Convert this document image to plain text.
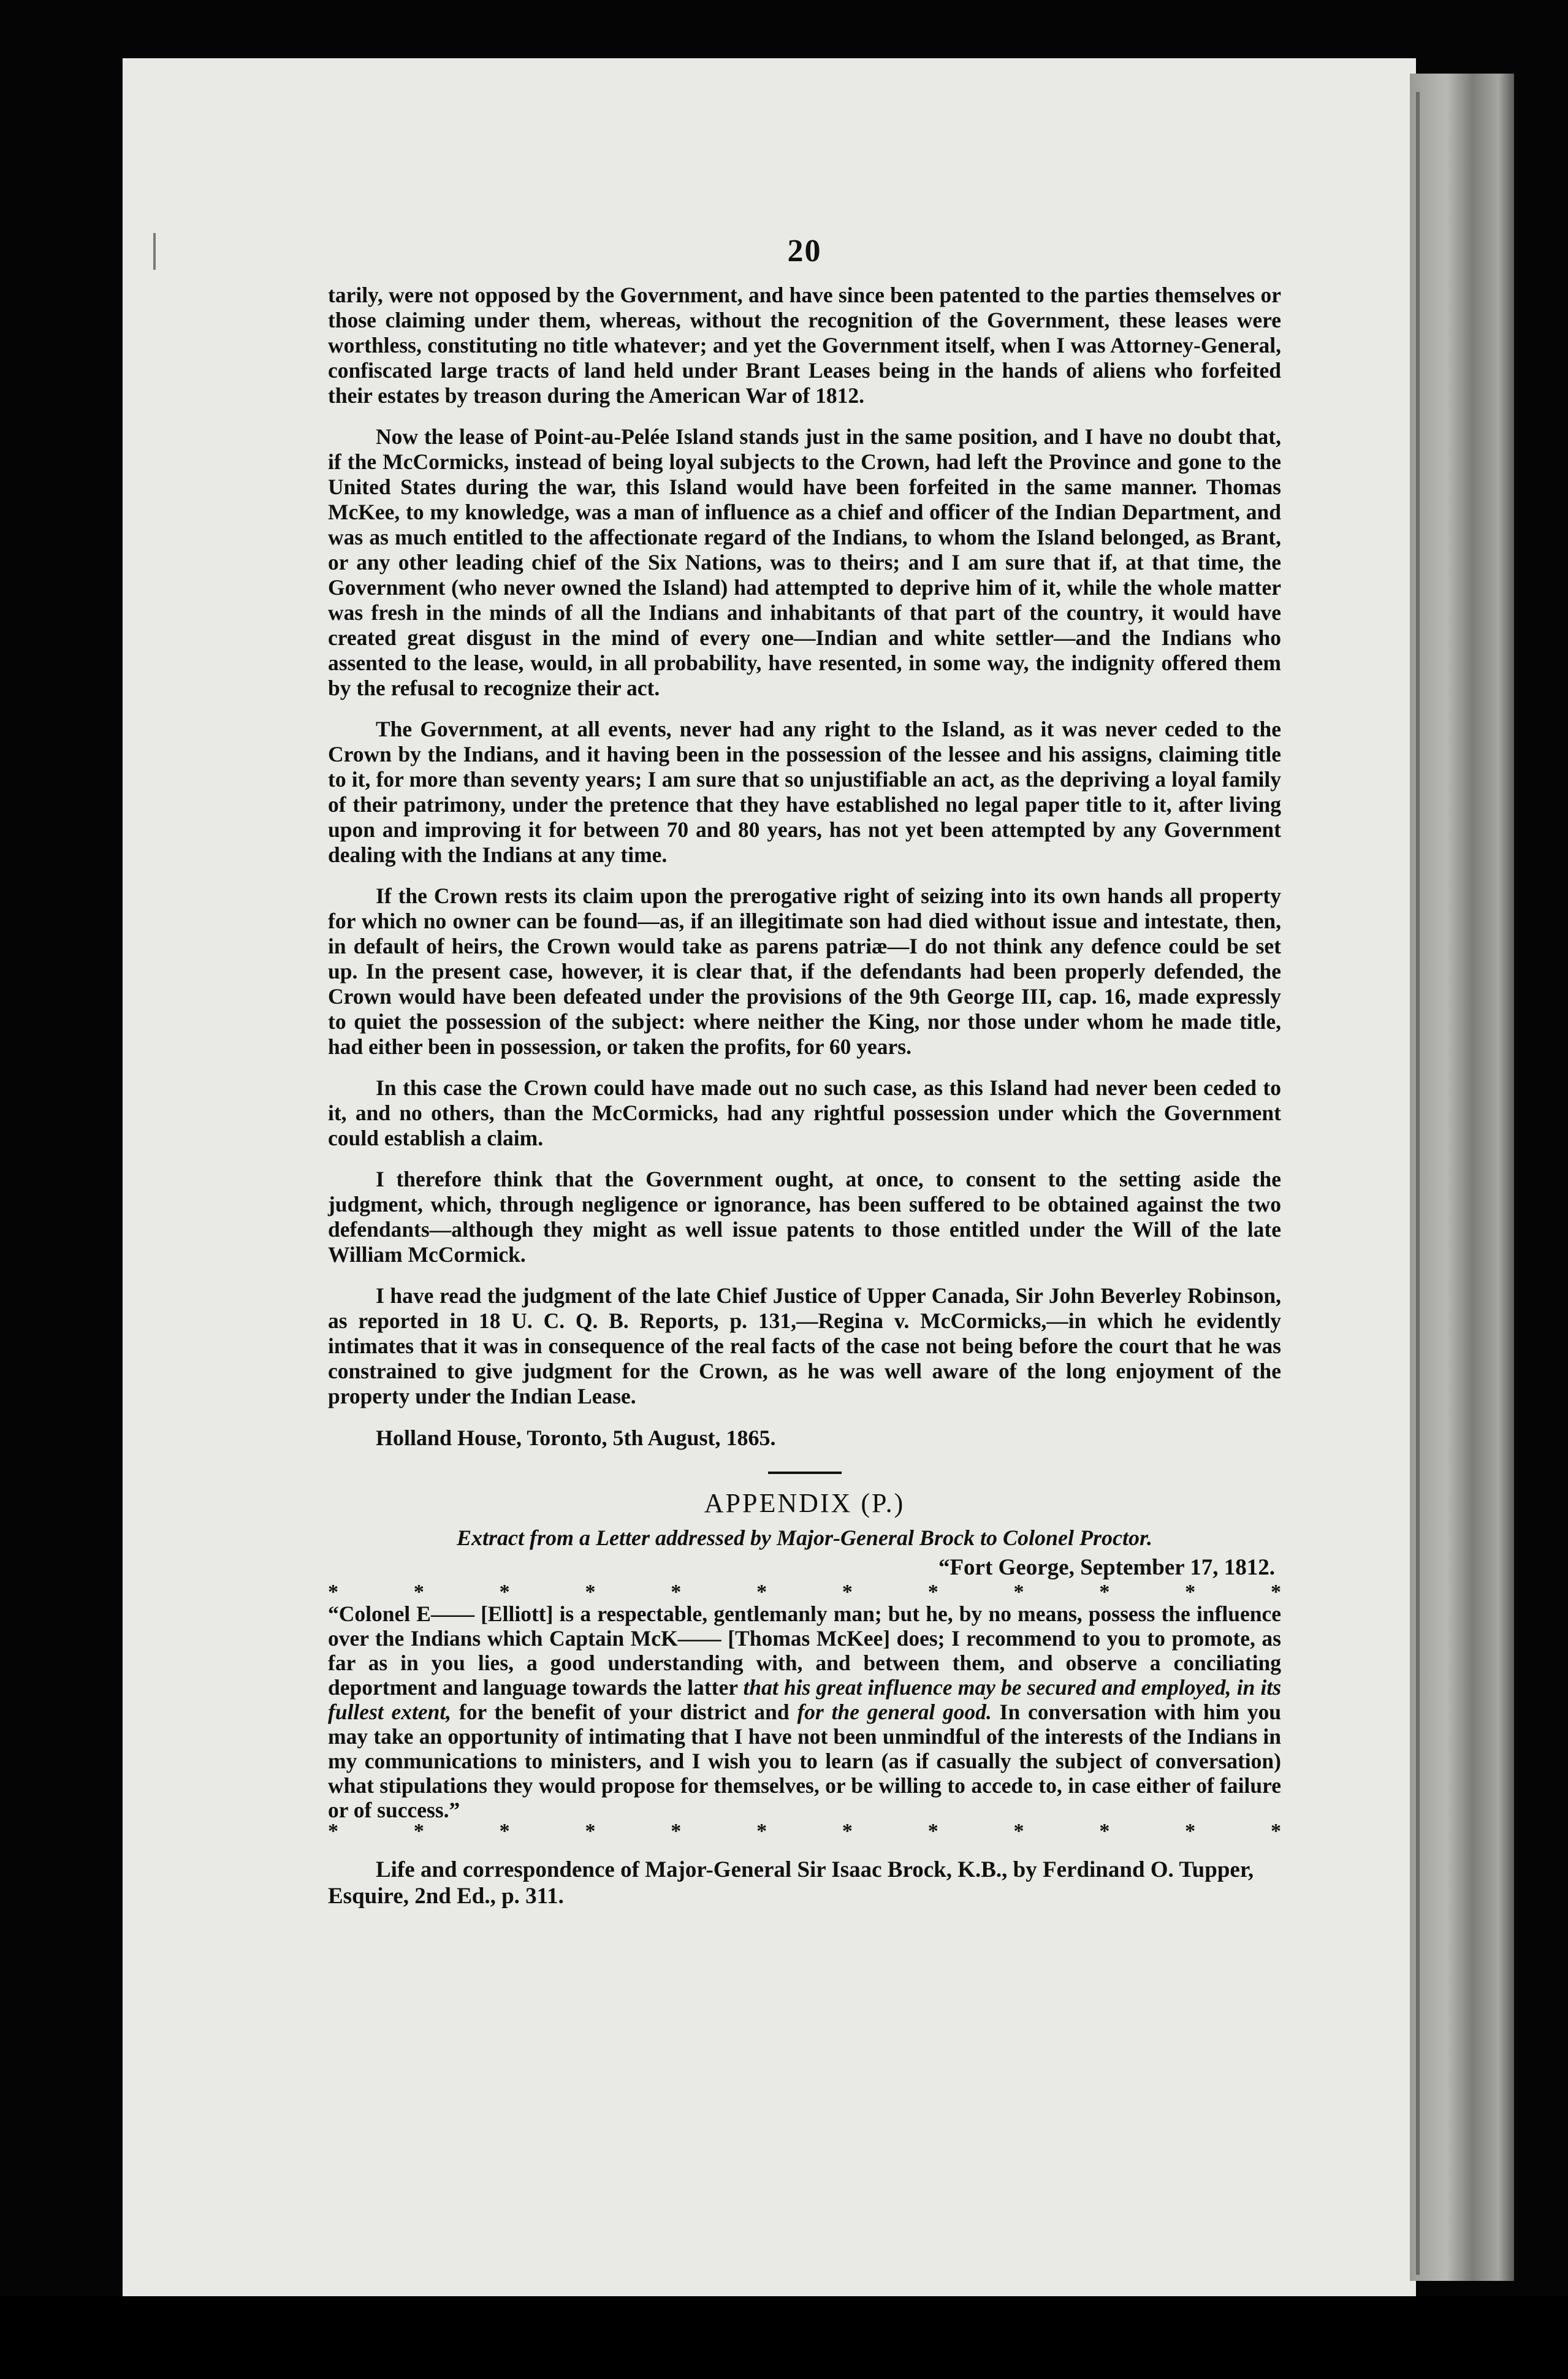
20

tarily, were not opposed by the Government, and have since been patented to the parties themselves or those claiming under them, whereas, without the recognition of the Government, these leases were worthless, constituting no title whatever; and yet the Government itself, when I was Attorney-General, confiscated large tracts of land held under Brant Leases being in the hands of aliens who forfeited their estates by treason during the American War of 1812.

Now the lease of Point-au-Pelée Island stands just in the same position, and I have no doubt that, if the McCormicks, instead of being loyal subjects to the Crown, had left the Province and gone to the United States during the war, this Island would have been forfeited in the same manner. Thomas McKee, to my knowledge, was a man of influence as a chief and officer of the Indian Department, and was as much entitled to the affectionate regard of the Indians, to whom the Island belonged, as Brant, or any other leading chief of the Six Nations, was to theirs; and I am sure that if, at that time, the Government (who never owned the Island) had attempted to deprive him of it, while the whole matter was fresh in the minds of all the Indians and inhabitants of that part of the country, it would have created great disgust in the mind of every one—Indian and white settler—and the Indians who assented to the lease, would, in all probability, have resented, in some way, the indignity offered them by the refusal to recognize their act.

The Government, at all events, never had any right to the Island, as it was never ceded to the Crown by the Indians, and it having been in the possession of the lessee and his assigns, claiming title to it, for more than seventy years; I am sure that so unjustifiable an act, as the depriving a loyal family of their patrimony, under the pretence that they have established no legal paper title to it, after living upon and improving it for between 70 and 80 years, has not yet been attempted by any Government dealing with the Indians at any time.

If the Crown rests its claim upon the prerogative right of seizing into its own hands all property for which no owner can be found—as, if an illegitimate son had died without issue and intestate, then, in default of heirs, the Crown would take as parens patriæ—I do not think any defence could be set up. In the present case, however, it is clear that, if the defendants had been properly defended, the Crown would have been defeated under the provisions of the 9th George III, cap. 16, made expressly to quiet the possession of the subject: where neither the King, nor those under whom he made title, had either been in possession, or taken the profits, for 60 years.

In this case the Crown could have made out no such case, as this Island had never been ceded to it, and no others, than the McCormicks, had any rightful possession under which the Government could establish a claim.

I therefore think that the Government ought, at once, to consent to the setting aside the judgment, which, through negligence or ignorance, has been suffered to be obtained against the two defendants—although they might as well issue patents to those entitled under the Will of the late William McCormick.

I have read the judgment of the late Chief Justice of Upper Canada, Sir John Beverley Robinson, as reported in 18 U. C. Q. B. Reports, p. 131,—Regina v. McCormicks,—in which he evidently intimates that it was in consequence of the real facts of the case not being before the court that he was constrained to give judgment for the Crown, as he was well aware of the long enjoyment of the property under the Indian Lease.

Holland House, Toronto, 5th August, 1865.
APPENDIX (P.)
Extract from a Letter addressed by Major-General Brock to Colonel Proctor.
“Fort George, September 17, 1812.
*	*	*	*	*	*	*	*	*	*	*	*

“Colonel E—— [Elliott] is a respectable, gentlemanly man; but he, by no means, possess the influence over the Indians which Captain McK—— [Thomas McKee] does; I recommend to you to promote, as far as in you lies, a good understanding with, and between them, and observe a conciliating deportment and language towards the latter that his great influence may be secured and employed, in its fullest extent, for the benefit of your district and for the general good. In conversation with him you may take an opportunity of intimating that I have not been unmindful of the interests of the Indians in my communications to ministers, and I wish you to learn (as if casually the subject of conversation) what stipulations they would propose for themselves, or be willing to accede to, in case either of failure or of success.”

*	*	*	*	*	*	*	*	*	*	*	*

Life and correspondence of Major-General Sir Isaac Brock, K.B., by Ferdinand O. Tupper, Esquire, 2nd Ed., p. 311.
